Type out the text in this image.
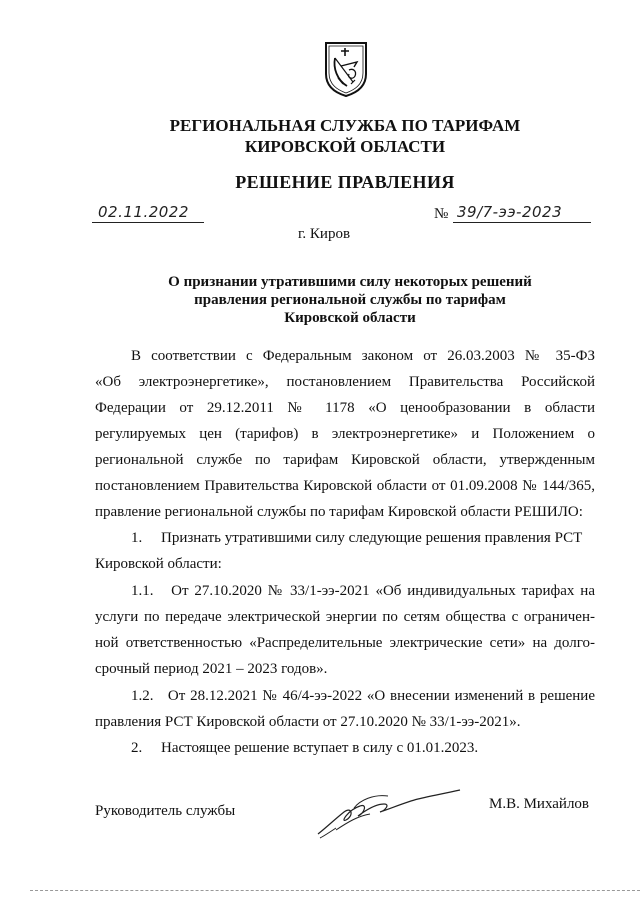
РЕГИОНАЛЬНАЯ СЛУЖБА ПО ТАРИФАМ
КИРОВСКОЙ ОБЛАСТИ
РЕШЕНИЕ ПРАВЛЕНИЯ
02.11.2022	№ 39/7-ээ-2023
г. Киров
О признании утратившими силу некоторых решений
правления региональной службы по тарифам
Кировской области
В соответствии с Федеральным законом от 26.03.2003 № 35-ФЗ
«Об электроэнергетике», постановлением Правительства Российской
Федерации от 29.12.2011 № 1178 «О ценообразовании в области
регулируемых цен (тарифов) в электроэнергетике» и Положением о
региональной службе по тарифам Кировской области, утвержденным
постановлением Правительства Кировской области от 01.09.2008 № 144/365,
правление региональной службы по тарифам Кировской области РЕШИЛО:
1.     Признать утратившими силу следующие решения правления РСТ
Кировской области:
1.1.   От 27.10.2020 № 33/1-ээ-2021 «Об индивидуальных тарифах на
услуги по передаче электрической энергии по сетям общества с ограничен-
ной ответственностью «Распределительные электрические сети» на долго-
срочный период 2021 – 2023 годов».
1.2.   От 28.12.2021 № 46/4-ээ-2022 «О внесении изменений в решение
правления РСТ Кировской области от 27.10.2020 № 33/1-ээ-2021».
2.     Настоящее решение вступает в силу с 01.01.2023.
Руководитель службы	М.В. Михайлов
